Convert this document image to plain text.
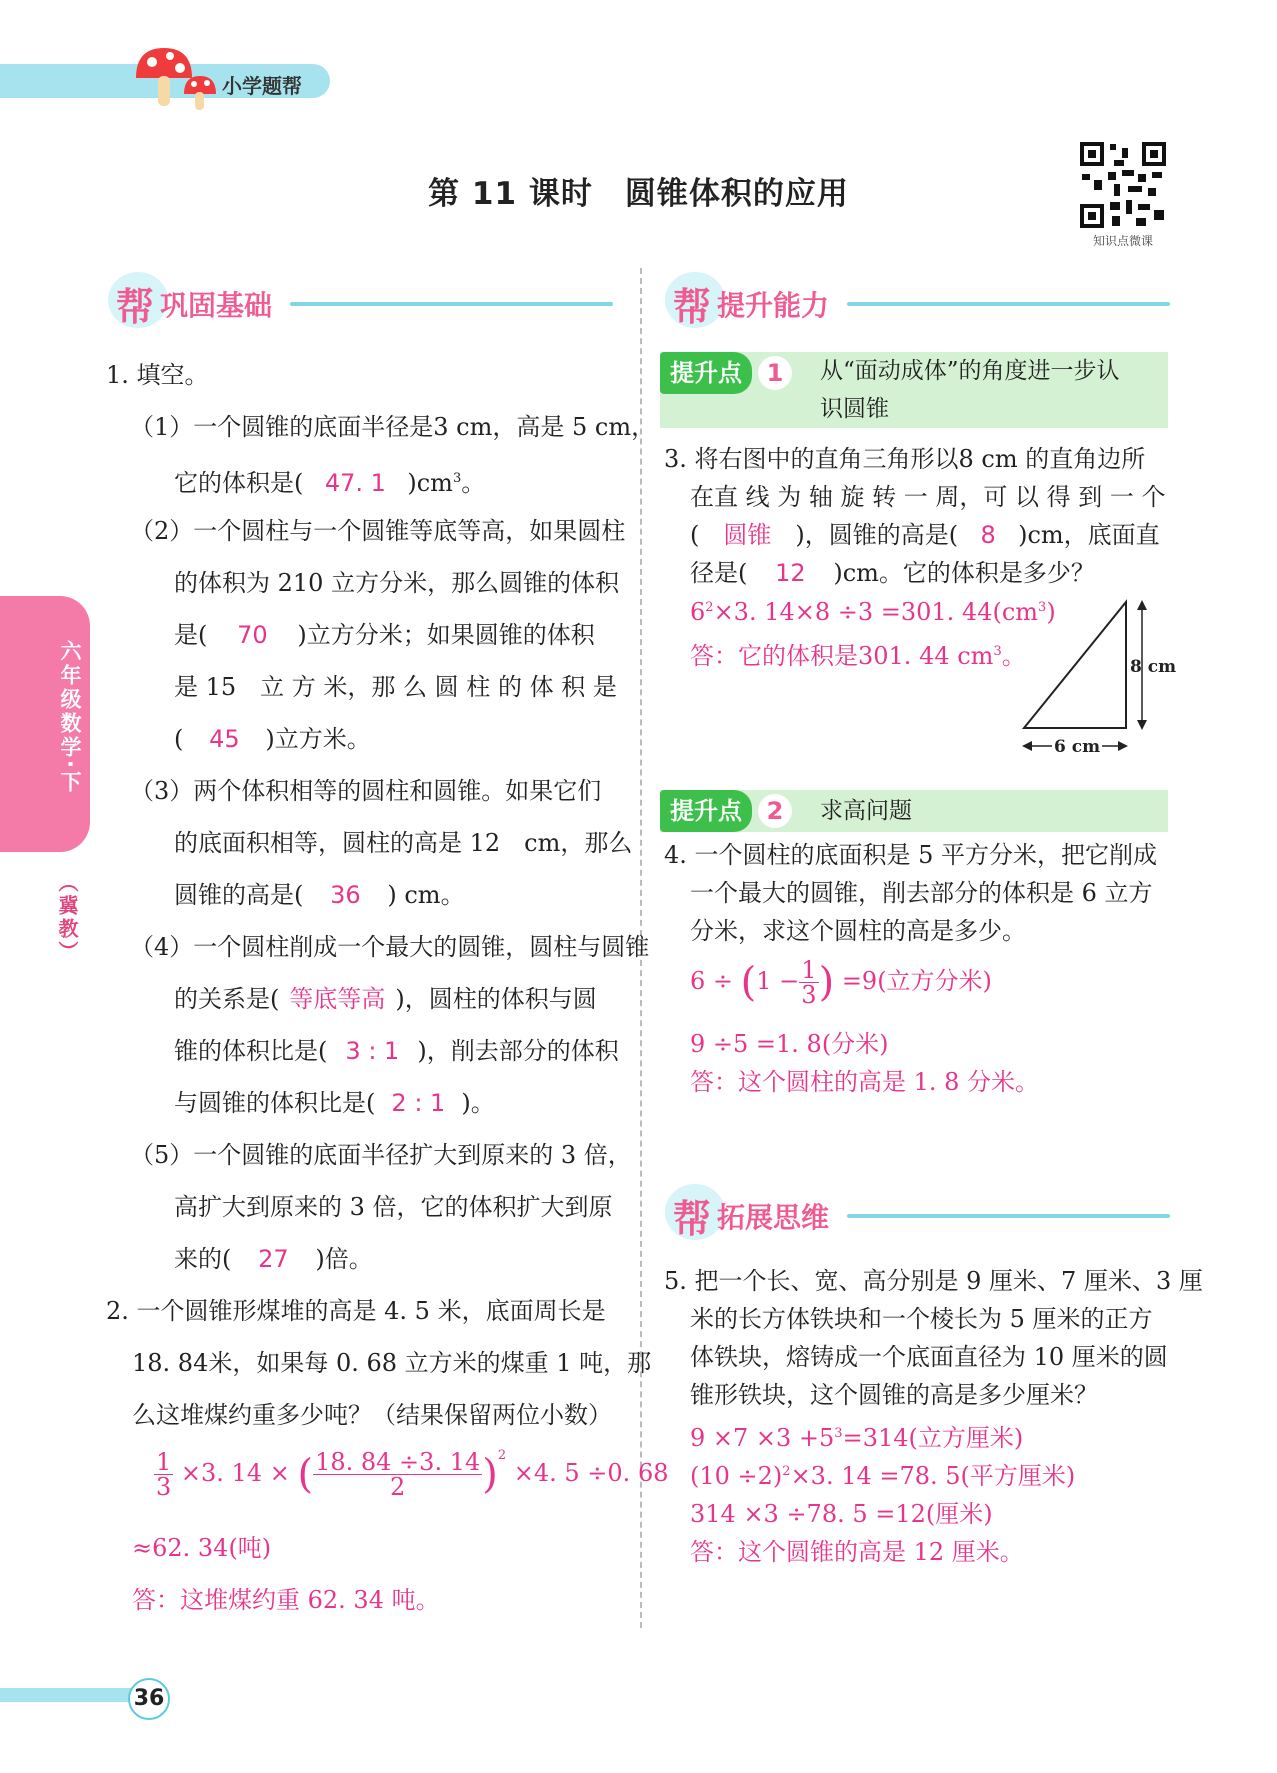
小学题帮
第 11 课时　圆锥体积的应用
知识点微课
六年级数学·下
（冀教）
帮 巩固基础
1. 填空。
（1）一个圆锥的底面半径是3 cm，高是 5 cm，
它的体积是( 47. 1 )$cm^3$。
（2）一个圆柱与一个圆锥等底等高，如果圆柱
的体积为 210 立方分米，那么圆锥的体积
是( 70 )立方分米；如果圆锥的体积
是 15　立 方 米，那 么 圆 柱 的 体 积 是
( 45 )立方米。
（3）两个体积相等的圆柱和圆锥。如果它们
的底面积相等，圆柱的高是 12　cm，那么
圆锥的高是( 36 ) cm。
（4）一个圆柱削成一个最大的圆锥，圆柱与圆锥
的关系是( 等底等高 )，圆柱的体积与圆
锥的体积比是( 3 : 1 )，削去部分的体积
与圆锥的体积比是( 2 : 1 )。
（5）一个圆锥的底面半径扩大到原来的 3 倍，
高扩大到原来的 3 倍，它的体积扩大到原
来的( 27 )倍。
2. 一个圆锥形煤堆的高是 4. 5 米，底面周长是
18. 84米，如果每 0. 68 立方米的煤重 1 吨，那
么这堆煤约重多少吨？（结果保留两位小数）
$\frac{1}{3} \times 3$. 14 × ( $\frac{18. 84 \div 3. 14}{2} )^2 \times 4$. 5 ÷0. 68
≈62. 34(吨)
答：这堆煤约重 62. 34 吨。
帮 提升能力
提升点	1	从“面动成体”的角度进一步认
识圆锥
3. 将右图中的直角三角形以8 cm 的直角边所
在直 线 为 轴 旋 转 一 周，可 以 得 到 一 个
( 圆锥 )，圆锥的高是( 8 )cm，底面直
径是( 12 )cm。它的体积是多少？
$6^2\times 3$. 14×8 ÷3 =301. $44(cm^3)$
答：它的体积是301. 44 $cm^3$。	8 cm
6 cm
提升点	2	求高问题
4. 一个圆柱的底面积是 5 平方分米，把它削成
一个最大的圆锥，削去部分的体积是 6 立方
分米，求这个圆柱的高是多少。
$6 \div (1 - \frac{1}{3}$ ) =9(立方分米)
9 ÷5 =1. 8(分米)
答：这个圆柱的高是 1. 8 分米。
帮 拓展思维
5. 把一个长、宽、高分别是 9 厘米、7 厘米、3 厘
米的长方体铁块和一个棱长为 5 厘米的正方
体铁块，熔铸成一个底面直径为 10 厘米的圆
锥形铁块，这个圆锥的高是多少厘米？
$9 \times 7 \times 3 +5^3=314$(立方厘米)
$(10 \div 2)^2\times 3$. 14 =78. 5(平方厘米)
314 ×3 ÷78. 5 =12(厘米)
答：这个圆锥的高是 12 厘米。
36
